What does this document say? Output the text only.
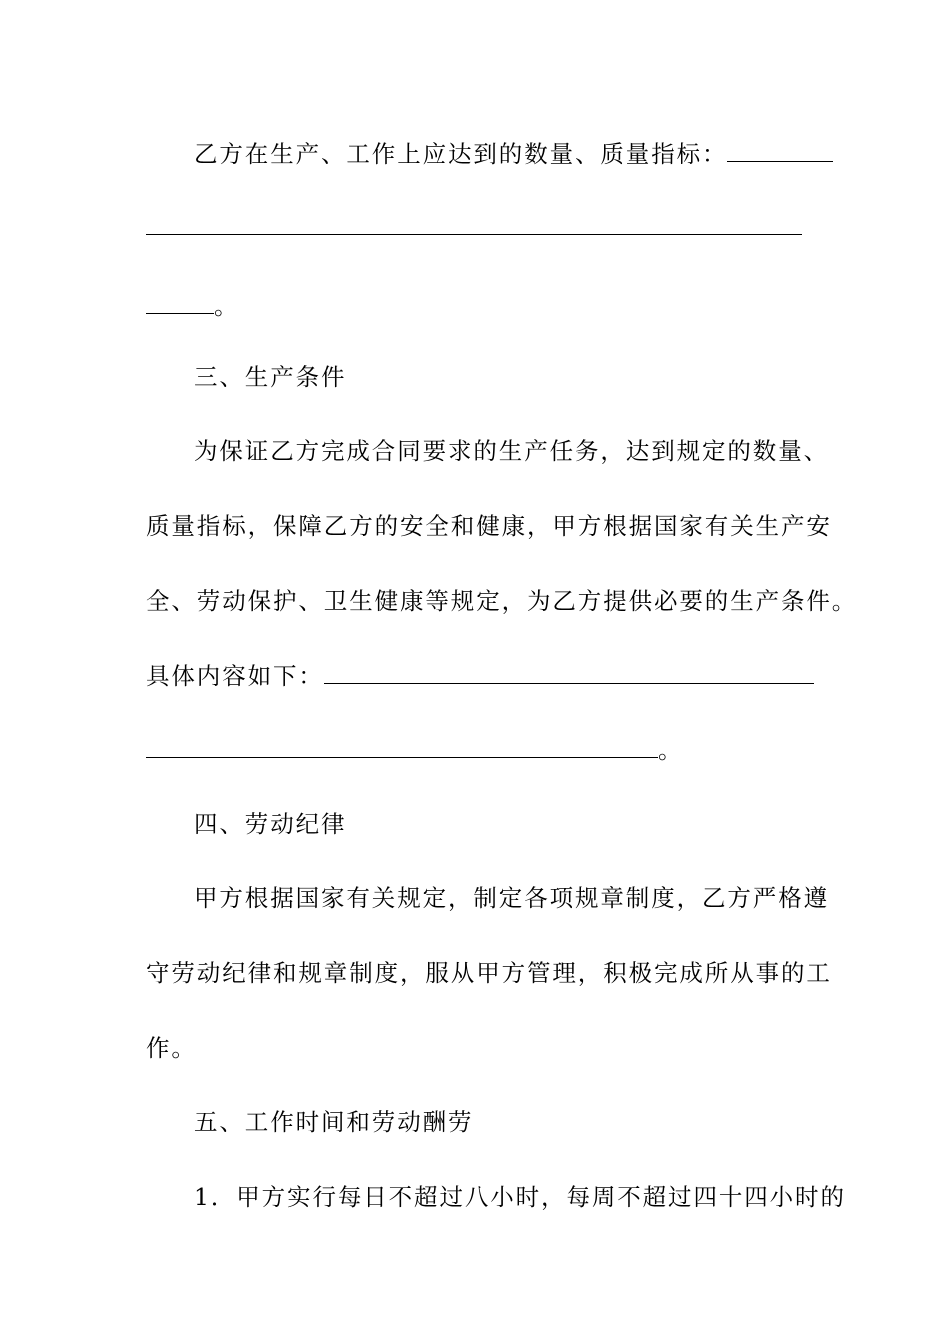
乙方在生产、工作上应达到的数量、质量指标：
。
三、生产条件
为保证乙方完成合同要求的生产任务，达到规定的数量、
质量指标，保障乙方的安全和健康，甲方根据国家有关生产安
全、劳动保护、卫生健康等规定，为乙方提供必要的生产条件。
具体内容如下：
。
四、劳动纪律
甲方根据国家有关规定，制定各项规章制度，乙方严格遵
守劳动纪律和规章制度，服从甲方管理，积极完成所从事的工
作。
五、工作时间和劳动酬劳
1．甲方实行每日不超过八小时，每周不超过四十四小时的
